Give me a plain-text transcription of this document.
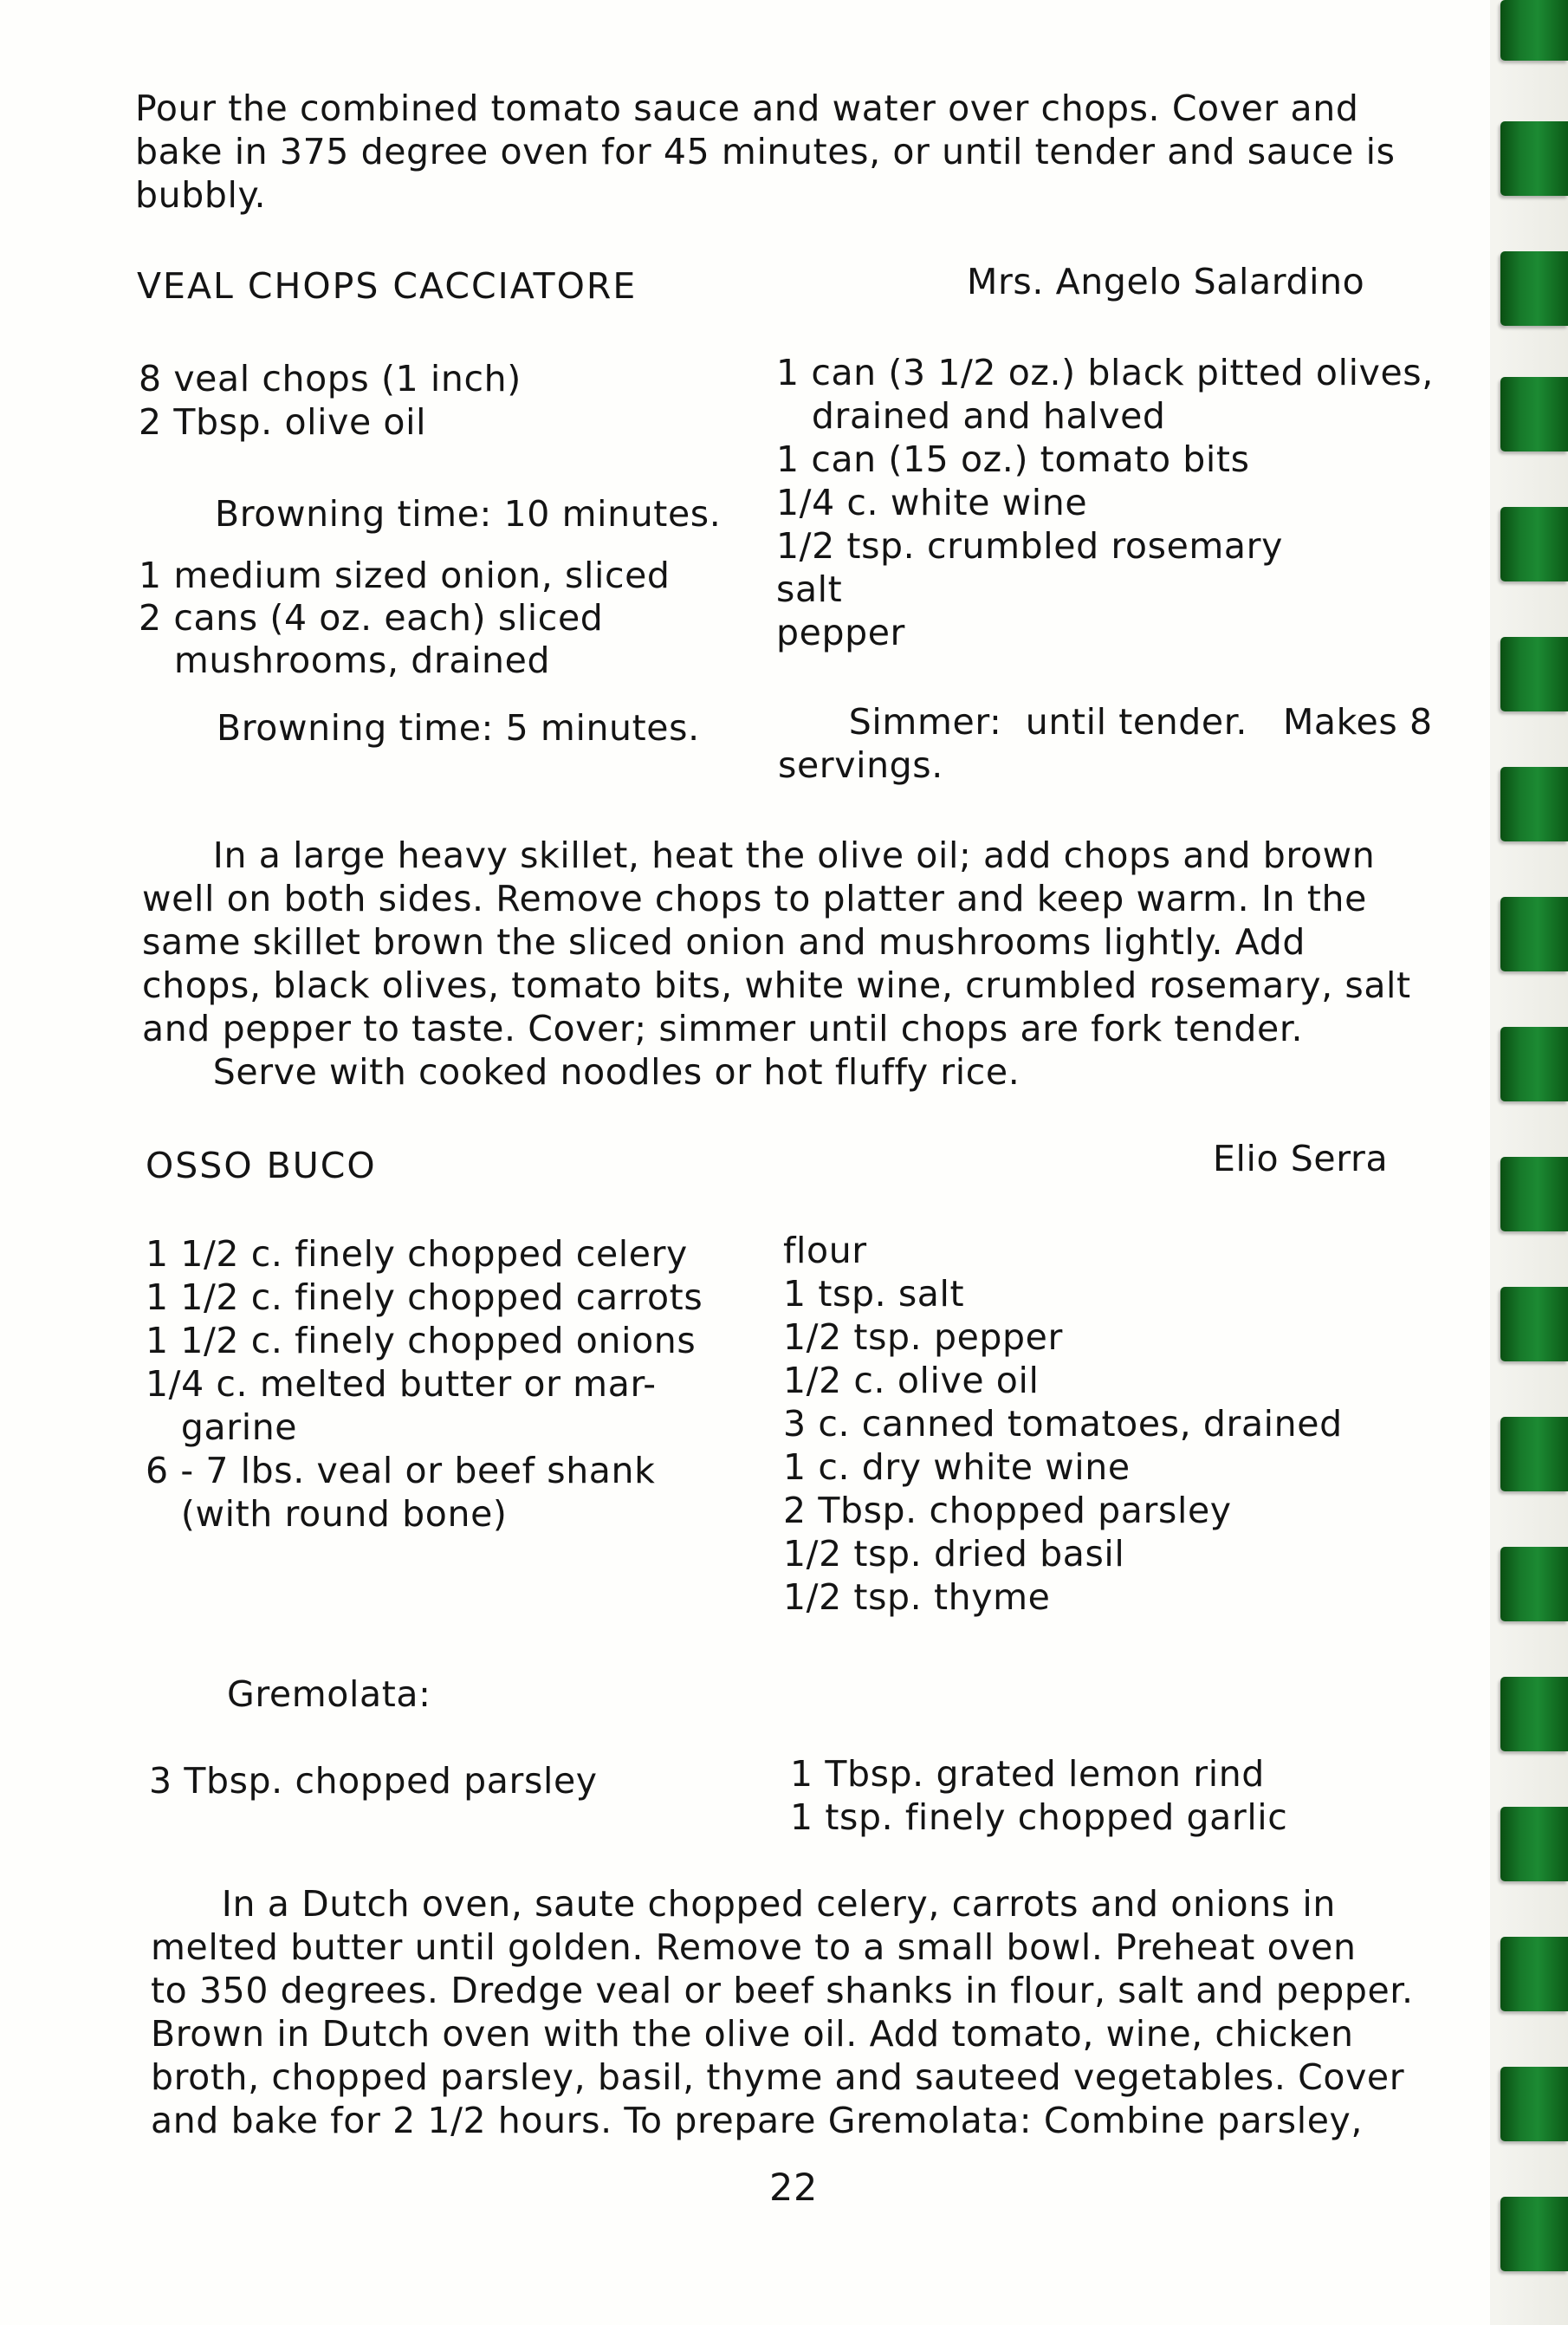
Pour the combined tomato sauce and water over chops. Cover and
bake in 375 degree oven for 45 minutes, or until tender and sauce is
bubbly.
VEAL CHOPS CACCIATORE	Mrs. Angelo Salardino
8 veal chops (1 inch)
2 Tbsp. olive oil
Browning time: 10 minutes.
1 medium sized onion, sliced
2 cans (4 oz. each) sliced
mushrooms, drained
Browning time: 5 minutes.
1 can (3 1/2 oz.) black pitted olives,
drained and halved
1 can (15 oz.) tomato bits
1/4 c. white wine
1/2 tsp. crumbled rosemary
salt
pepper
Simmer:  until tender.   Makes 8
servings.
In a large heavy skillet, heat the olive oil; add chops and brown
well on both sides. Remove chops to platter and keep warm. In the
same skillet brown the sliced onion and mushrooms lightly. Add
chops, black olives, tomato bits, white wine, crumbled rosemary, salt
and pepper to taste. Cover; simmer until chops are fork tender.
Serve with cooked noodles or hot fluffy rice.
OSSO BUCO	Elio Serra
1 1/2 c. finely chopped celery
1 1/2 c. finely chopped carrots
1 1/2 c. finely chopped onions
1/4 c. melted butter or mar-
garine
6 - 7 lbs. veal or beef shank
(with round bone)
flour
1 tsp. salt
1/2 tsp. pepper
1/2 c. olive oil
3 c. canned tomatoes, drained
1 c. dry white wine
2 Tbsp. chopped parsley
1/2 tsp. dried basil
1/2 tsp. thyme
Gremolata:
3 Tbsp. chopped parsley	1 Tbsp. grated lemon rind
1 tsp. finely chopped garlic
In a Dutch oven, saute chopped celery, carrots and onions in
melted butter until golden. Remove to a small bowl. Preheat oven
to 350 degrees. Dredge veal or beef shanks in flour, salt and pepper.
Brown in Dutch oven with the olive oil. Add tomato, wine, chicken
broth, chopped parsley, basil, thyme and sauteed vegetables. Cover
and bake for 2 1/2 hours. To prepare Gremolata: Combine parsley,
22
